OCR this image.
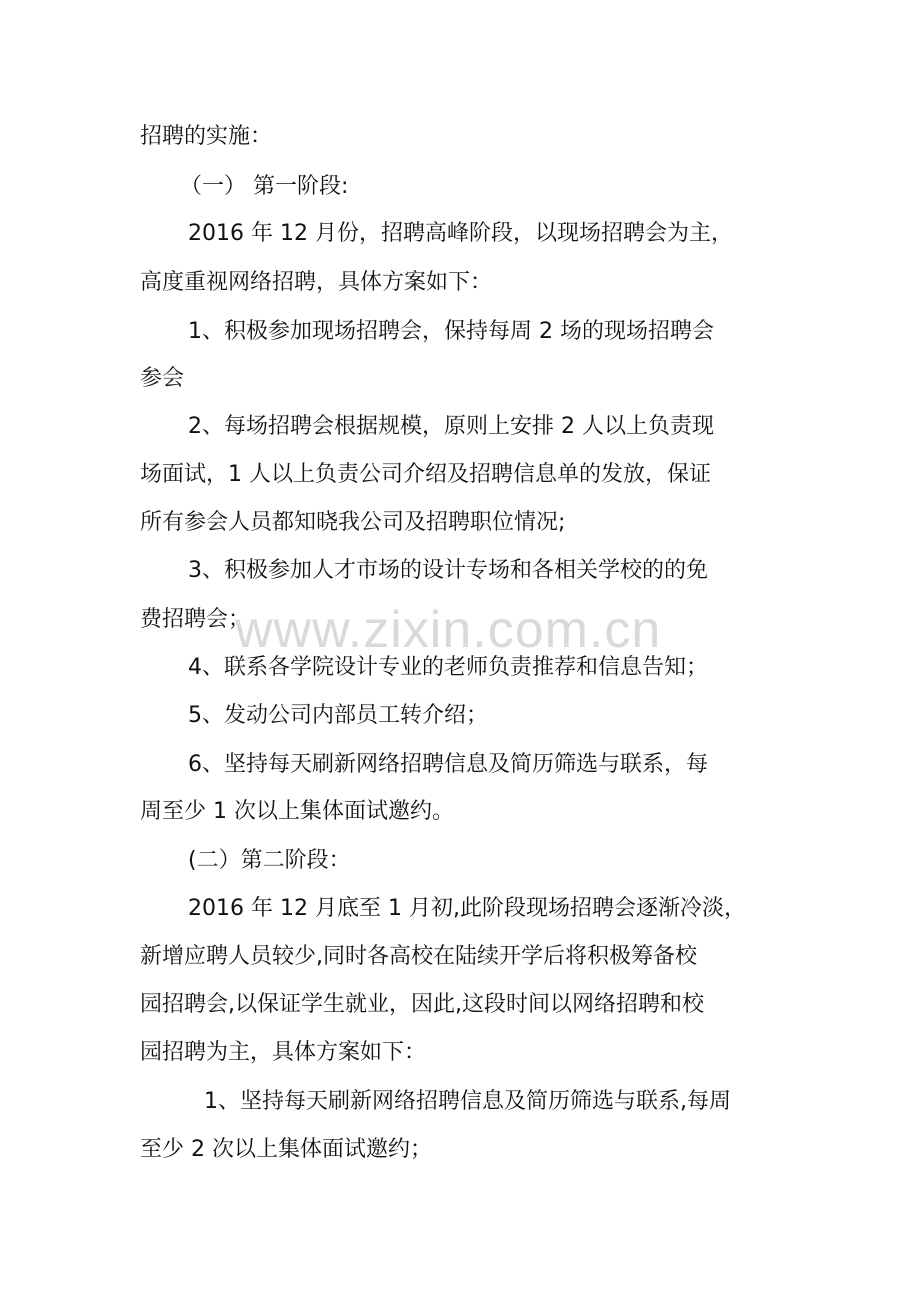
招聘的实施：
（一） 第一阶段:
2016 年 12 月份，招聘高峰阶段，以现场招聘会为主，
高度重视网络招聘，具体方案如下：
1、积极参加现场招聘会，保持每周 2 场的现场招聘会
参会
2、每场招聘会根据规模，原则上安排 2 人以上负责现
场面试，1 人以上负责公司介绍及招聘信息单的发放，保证
所有参会人员都知晓我公司及招聘职位情况;
3、积极参加人才市场的设计专场和各相关学校的的免
费招聘会；
4、联系各学院设计专业的老师负责推荐和信息告知；
5、发动公司内部员工转介绍；
6、坚持每天刷新网络招聘信息及简历筛选与联系，每
周至少 1 次以上集体面试邀约。
(二）第二阶段：
2016 年 12 月底至 1 月初,此阶段现场招聘会逐渐冷淡，
新增应聘人员较少,同时各高校在陆续开学后将积极筹备校
园招聘会,以保证学生就业，因此,这段时间以网络招聘和校
园招聘为主，具体方案如下：
1、坚持每天刷新网络招聘信息及简历筛选与联系,每周
至少 2 次以上集体面试邀约；
www.zixin.com.cn
